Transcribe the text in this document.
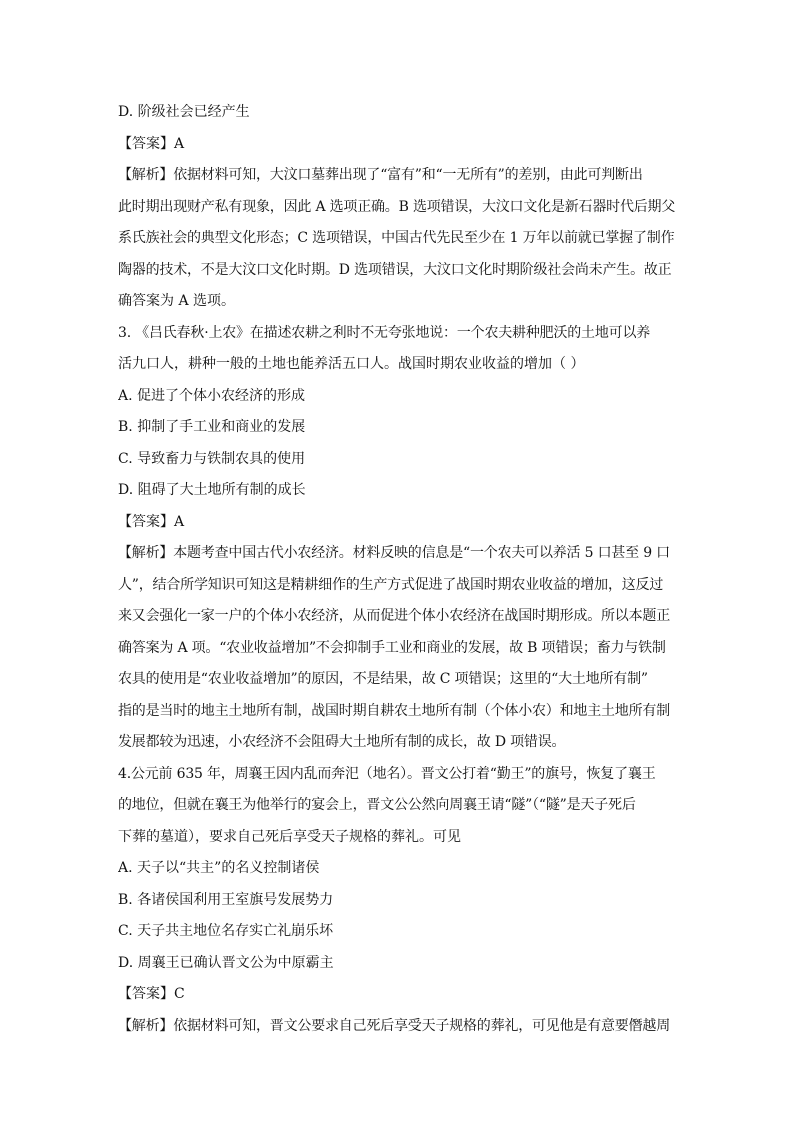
D. 阶级社会已经产生
【答案】A
【解析】依据材料可知，大汶口墓葬出现了“富有”和“一无所有”的差别，由此可判断出
此时期出现财产私有现象，因此 A 选项正确。B 选项错误，大汶口文化是新石器时代后期父
系氏族社会的典型文化形态；C 选项错误，中国古代先民至少在 1 万年以前就已掌握了制作
陶器的技术，不是大汶口文化时期。D 选项错误，大汶口文化时期阶级社会尚未产生。故正
确答案为 A 选项。
3. 《吕氏春秋·上农》在描述农耕之利时不无夸张地说：一个农夫耕种肥沃的土地可以养
活九口人，耕种一般的土地也能养活五口人。战国时期农业收益的增加（ ）
A. 促进了个体小农经济的形成
B. 抑制了手工业和商业的发展
C. 导致畜力与铁制农具的使用
D. 阻碍了大土地所有制的成长
【答案】A
【解析】本题考查中国古代小农经济。材料反映的信息是“一个农夫可以养活 5 口甚至 9 口
人”，结合所学知识可知这是精耕细作的生产方式促进了战国时期农业收益的增加，这反过
来又会强化一家一户的个体小农经济，从而促进个体小农经济在战国时期形成。所以本题正
确答案为 A 项。“农业收益增加”不会抑制手工业和商业的发展，故 B 项错误；畜力与铁制
农具的使用是“农业收益增加”的原因，不是结果，故 C 项错误；这里的“大土地所有制”
指的是当时的地主土地所有制，战国时期自耕农土地所有制（个体小农）和地主土地所有制
发展都较为迅速，小农经济不会阻碍大土地所有制的成长，故 D 项错误。
4.公元前 635 年，周襄王因内乱而奔汜（地名）。晋文公打着“勤王”的旗号，恢复了襄王
的地位，但就在襄王为他举行的宴会上，晋文公公然向周襄王请“隧”（“隧”是天子死后
下葬的墓道），要求自己死后享受天子规格的葬礼。可见
A. 天子以“共主”的名义控制诸侯
B. 各诸侯国利用王室旗号发展势力
C. 天子共主地位名存实亡礼崩乐坏
D. 周襄王已确认晋文公为中原霸主
【答案】C
【解析】依据材料可知，晋文公要求自己死后享受天子规格的葬礼，可见他是有意要僭越周
